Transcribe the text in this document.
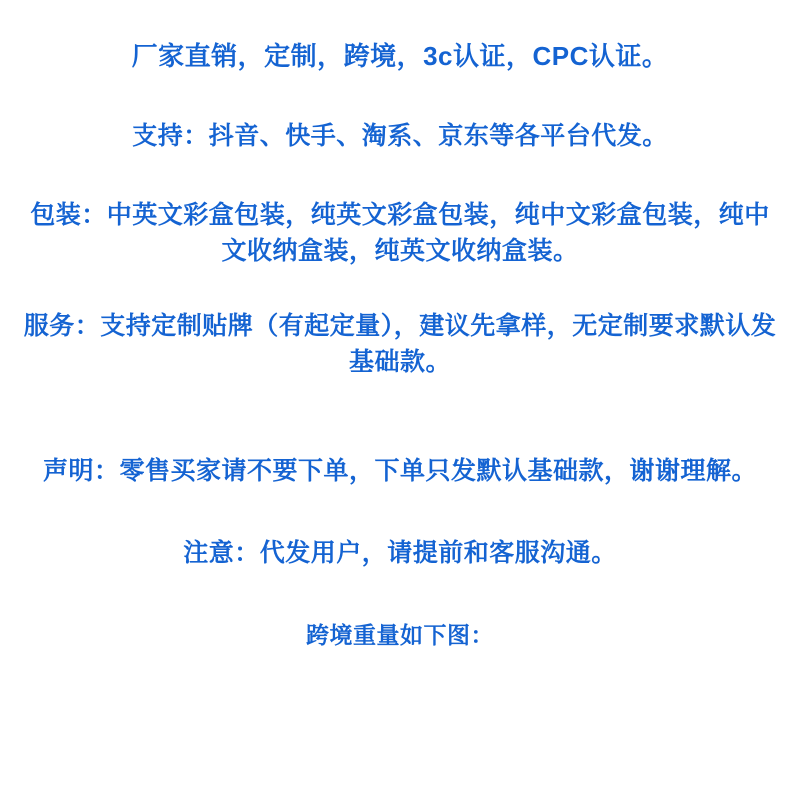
厂家直销，定制，跨境，3c认证，CPC认证。
支持：抖音、快手、淘系、京东等各平台代发。
包装：中英文彩盒包装，纯英文彩盒包装，纯中文彩盒包装，纯中文收纳盒装，纯英文收纳盒装。
服务：支持定制贴牌（有起定量），建议先拿样，无定制要求默认发基础款。
声明：零售买家请不要下单，下单只发默认基础款，谢谢理解。
注意：代发用户，请提前和客服沟通。
跨境重量如下图：
